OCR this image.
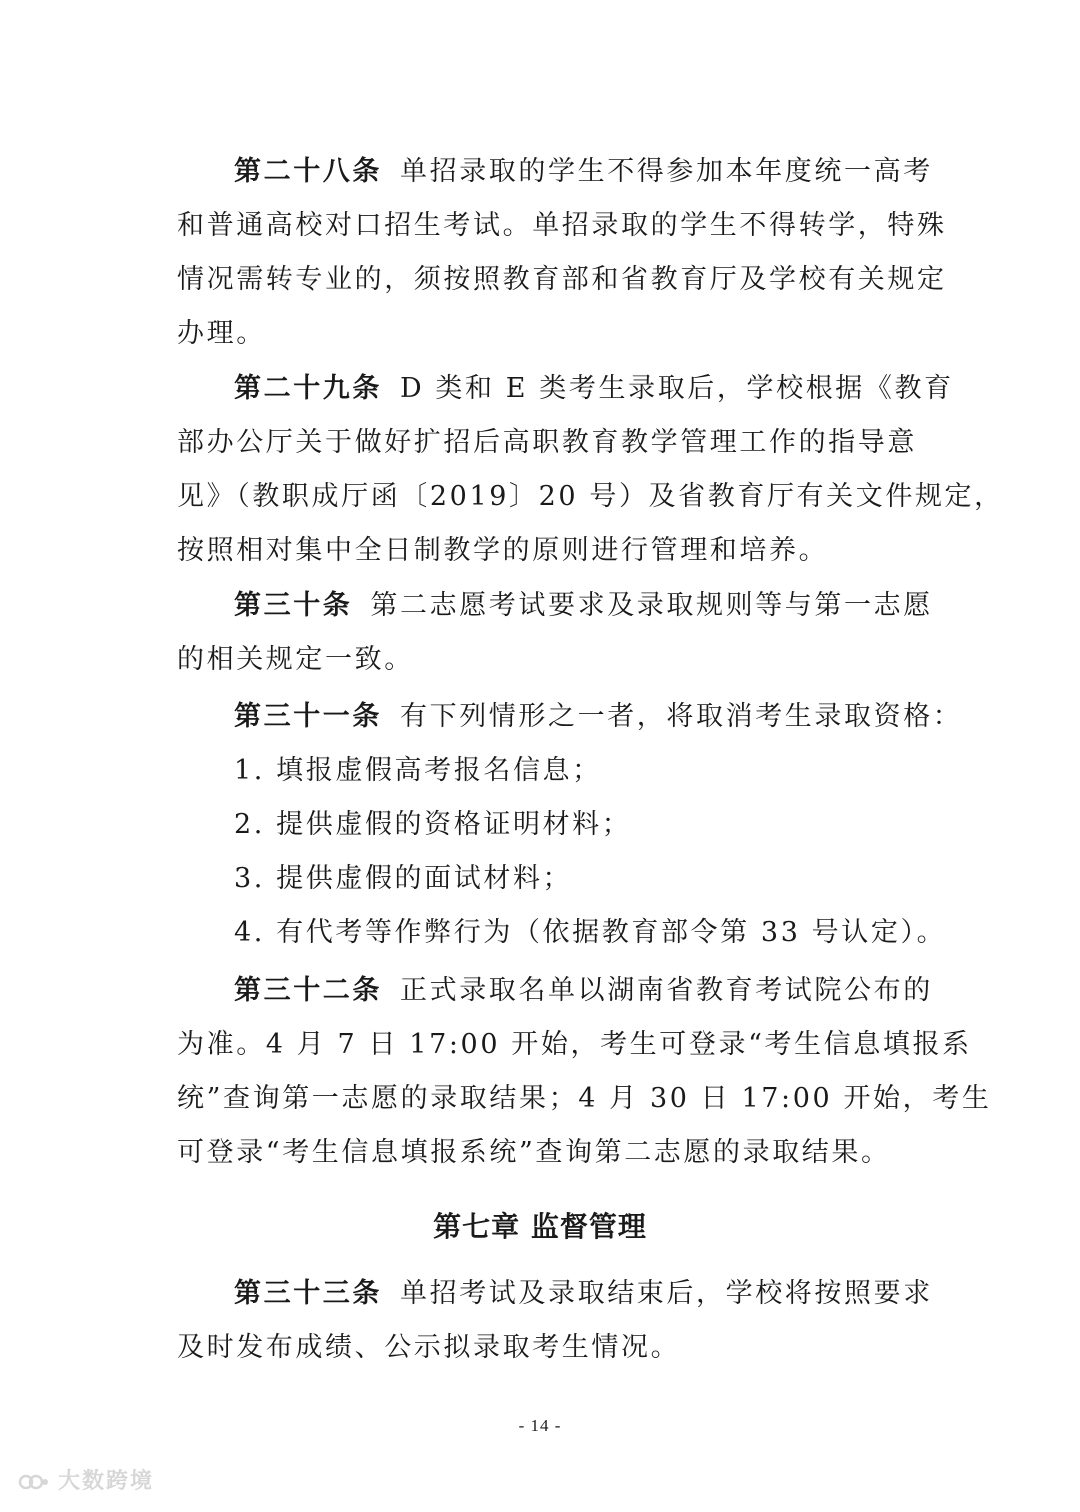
第二十八条 单招录取的学生不得参加本年度统一高考
和普通高校对口招生考试。单招录取的学生不得转学，特殊
情况需转专业的，须按照教育部和省教育厅及学校有关规定
办理。
第二十九条 D 类和 E 类考生录取后，学校根据《教育
部办公厅关于做好扩招后高职教育教学管理工作的指导意
见》（教职成厅函〔2019〕20 号）及省教育厅有关文件规定，
按照相对集中全日制教学的原则进行管理和培养。
第三十条 第二志愿考试要求及录取规则等与第一志愿
的相关规定一致。
第三十一条 有下列情形之一者，将取消考生录取资格：
1. 填报虚假高考报名信息；
2. 提供虚假的资格证明材料；
3. 提供虚假的面试材料；
4. 有代考等作弊行为（依据教育部令第 33 号认定）。
第三十二条 正式录取名单以湖南省教育考试院公布的
为准。4 月 7 日 17:00 开始，考生可登录“考生信息填报系
统”查询第一志愿的录取结果；4 月 30 日 17:00 开始，考生
可登录“考生信息填报系统”查询第二志愿的录取结果。
第七章 监督管理
第三十三条 单招考试及录取结束后，学校将按照要求
及时发布成绩、公示拟录取考生情况。
- 14 -
大数跨境
